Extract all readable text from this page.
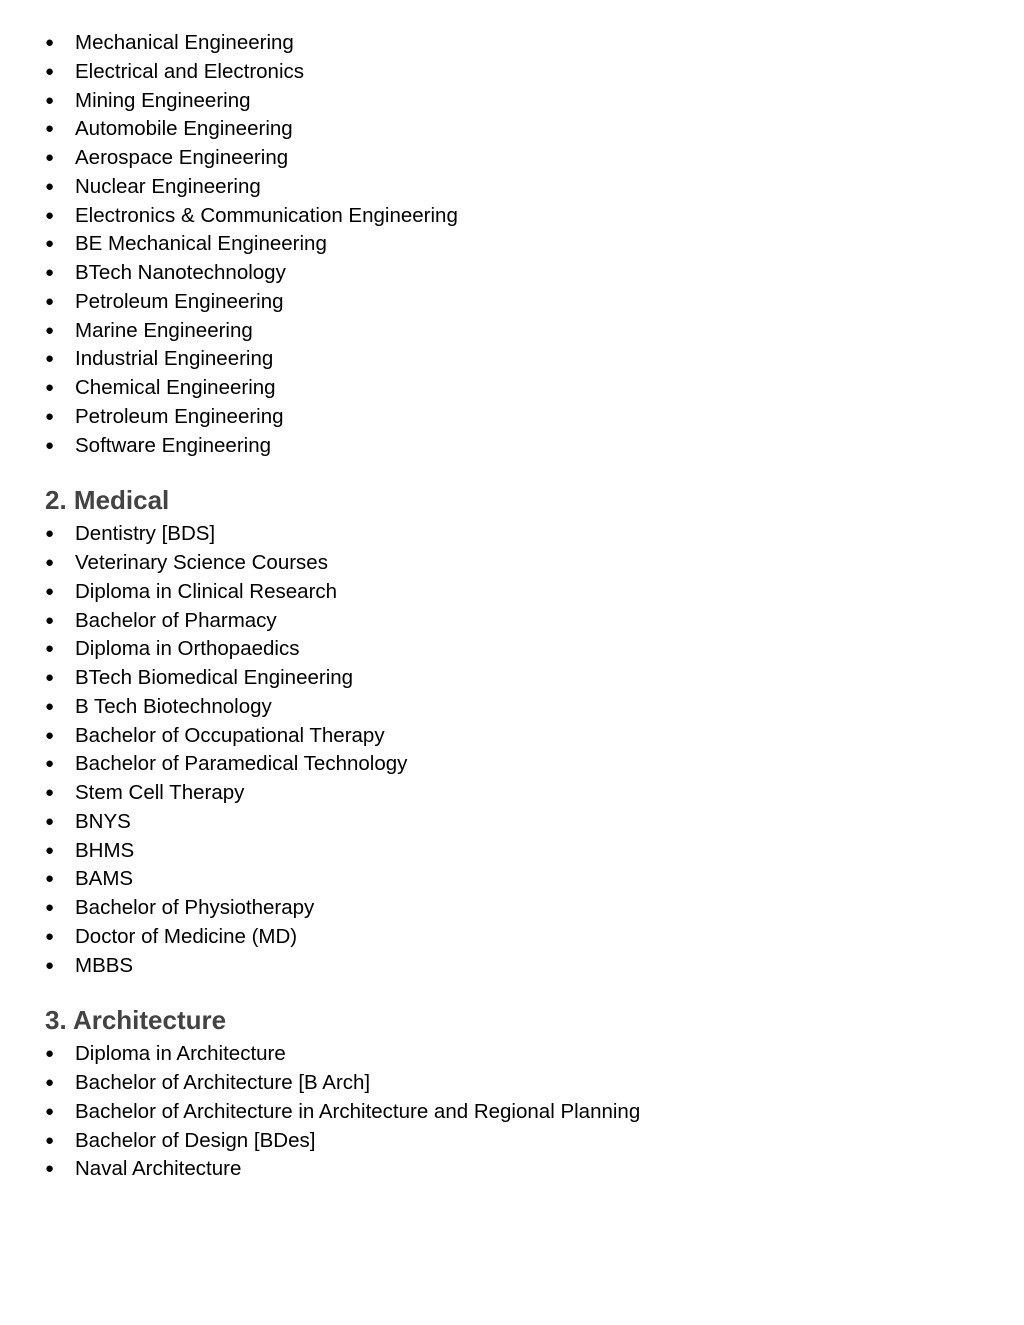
● Mechanical Engineering
● Electrical and Electronics
● Mining Engineering
● Automobile Engineering
● Aerospace Engineering
● Nuclear Engineering
● Electronics & Communication Engineering
● BE Mechanical Engineering
● BTech Nanotechnology
● Petroleum Engineering
● Marine Engineering
● Industrial Engineering
● Chemical Engineering
● Petroleum Engineering
● Software Engineering
2. Medical
● Dentistry [BDS]
● Veterinary Science Courses
● Diploma in Clinical Research
● Bachelor of Pharmacy
● Diploma in Orthopaedics
● BTech Biomedical Engineering
● B Tech Biotechnology
● Bachelor of Occupational Therapy
● Bachelor of Paramedical Technology
● Stem Cell Therapy
● BNYS
● BHMS
● BAMS
● Bachelor of Physiotherapy
● Doctor of Medicine (MD)
● MBBS
3. Architecture
● Diploma in Architecture
● Bachelor of Architecture [B Arch]
● Bachelor of Architecture in Architecture and Regional Planning
● Bachelor of Design [BDes]
● Naval Architecture
